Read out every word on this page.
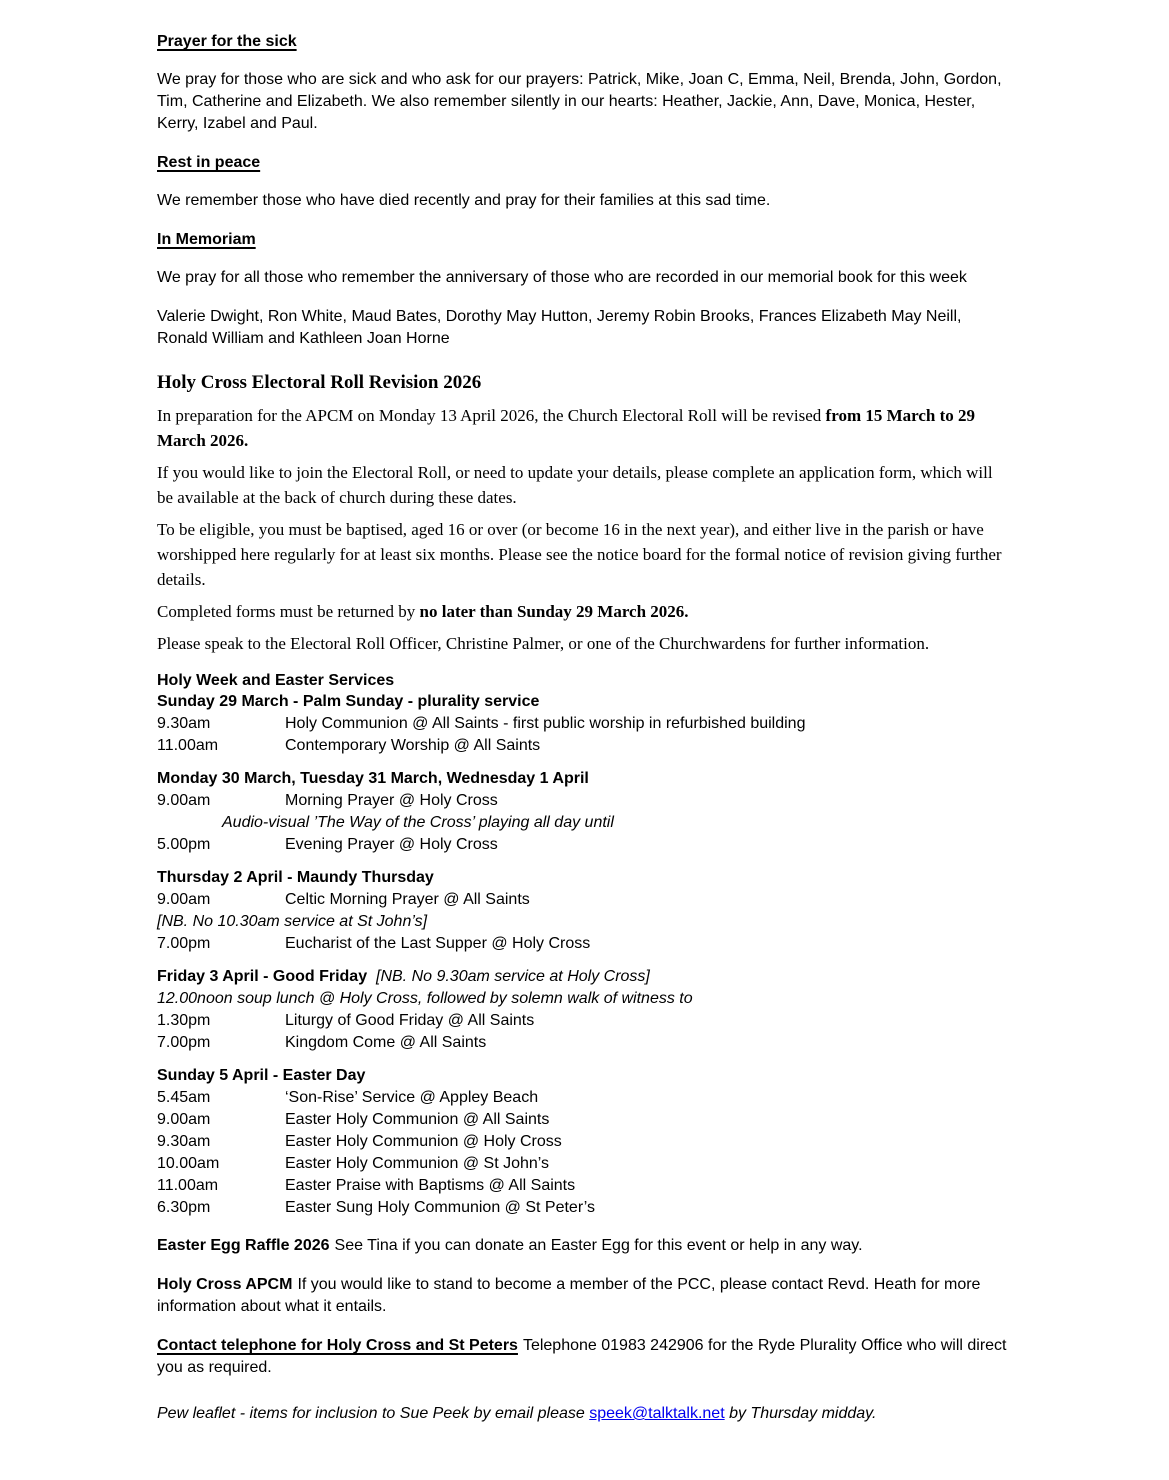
Prayer for the sick

We pray for those who are sick and who ask for our prayers: Patrick, Mike, Joan C, Emma, Neil, Brenda, John, Gordon, Tim, Catherine and Elizabeth. We also remember silently in our hearts: Heather, Jackie, Ann, Dave, Monica, Hester, Kerry, Izabel and Paul.

Rest in peace

We remember those who have died recently and pray for their families at this sad time.

In Memoriam

We pray for all those who remember the anniversary of those who are recorded in our memorial book for this week

Valerie Dwight, Ron White, Maud Bates, Dorothy May Hutton, Jeremy Robin Brooks, Frances Elizabeth May Neill, Ronald William and Kathleen Joan Horne

Holy Cross Electoral Roll Revision 2026

In preparation for the APCM on Monday 13 April 2026, the Church Electoral Roll will be revised from 15 March to 29 March 2026.

If you would like to join the Electoral Roll, or need to update your details, please complete an application form, which will be available at the back of church during these dates.

To be eligible, you must be baptised, aged 16 or over (or become 16 in the next year), and either live in the parish or have worshipped here regularly for at least six months. Please see the notice board for the formal notice of revision giving further details.

Completed forms must be returned by no later than Sunday 29 March 2026.

Please speak to the Electoral Roll Officer, Christine Palmer, or one of the Churchwardens for further information.

Holy Week and Easter Services
Sunday 29 March - Palm Sunday - plurality service
9.30am	Holy Communion @ All Saints - first public worship in refurbished building
11.00am	Contemporary Worship @ All Saints
Monday 30 March, Tuesday 31 March, Wednesday 1 April
9.00am	Morning Prayer @ Holy Cross
Audio-visual ’The Way of the Cross’ playing all day until
5.00pm	Evening Prayer @ Holy Cross
Thursday 2 April - Maundy Thursday
9.00am	Celtic Morning Prayer @ All Saints
[NB. No 10.30am service at St John’s]
7.00pm	Eucharist of the Last Supper @ Holy Cross
Friday 3 April - Good Friday [NB. No 9.30am service at Holy Cross]
12.00noon soup lunch @ Holy Cross, followed by solemn walk of witness to
1.30pm	Liturgy of Good Friday @ All Saints
7.00pm	Kingdom Come @ All Saints
Sunday 5 April - Easter Day
5.45am	‘Son-Rise’ Service @ Appley Beach
9.00am	Easter Holy Communion @ All Saints
9.30am	Easter Holy Communion @ Holy Cross
10.00am	Easter Holy Communion @ St John’s
11.00am	Easter Praise with Baptisms @ All Saints
6.30pm	Easter Sung Holy Communion @ St Peter’s

Easter Egg Raffle 2026 See Tina if you can donate an Easter Egg for this event or help in any way.

Holy Cross APCM If you would like to stand to become a member of the PCC, please contact Revd. Heath for more information about what it entails.

Contact telephone for Holy Cross and St Peters Telephone 01983 242906 for the Ryde Plurality Office who will direct you as required.

Pew leaflet - items for inclusion to Sue Peek by email please speek@talktalk.net by Thursday midday.
